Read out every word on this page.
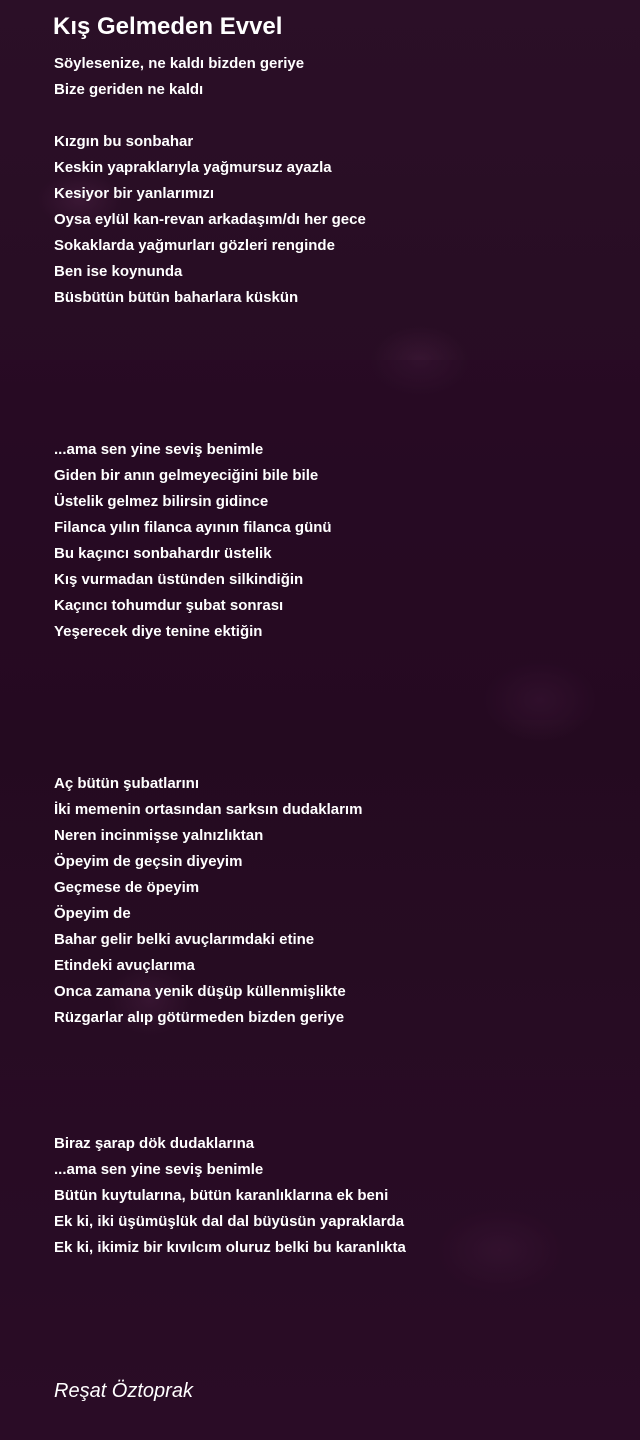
Kış Gelmeden Evvel
Söylesenize, ne kaldı bizden geriye
Bize geriden ne kaldı
Kızgın bu sonbahar
Keskin yapraklarıyla yağmursuz ayazla
Kesiyor bir yanlarımızı
Oysa eylül kan-revan arkadaşım/dı her gece
Sokaklarda yağmurları gözleri renginde
Ben ise koynunda
Büsbütün bütün baharlara küskün
...ama sen yine seviş benimle
Giden bir anın gelmeyeciğini bile bile
Üstelik gelmez bilirsin gidince
Filanca yılın filanca ayının filanca günü
Bu kaçıncı sonbahardır üstelik
Kış vurmadan üstünden silkindiğin
Kaçıncı tohumdur şubat sonrası
Yeşerecek diye tenine ektiğin
Aç bütün şubatlarını
İki memenin ortasından sarksın dudaklarım
Neren incinmişse yalnızlıktan
Öpeyim de geçsin diyeyim
Geçmese de öpeyim
Öpeyim de
Bahar gelir belki avuçlarımdaki etine
Etindeki avuçlarıma
Onca zamana yenik düşüp küllenmişlikte
Rüzgarlar alıp götürmeden bizden geriye
Biraz şarap dök dudaklarına
...ama sen yine seviş benimle
Bütün kuytularına, bütün karanlıklarına ek beni
Ek ki, iki üşümüşlük dal dal büyüsün yapraklarda
Ek ki, ikimiz bir kıvılcım oluruz belki bu karanlıkta
Reşat Öztoprak
